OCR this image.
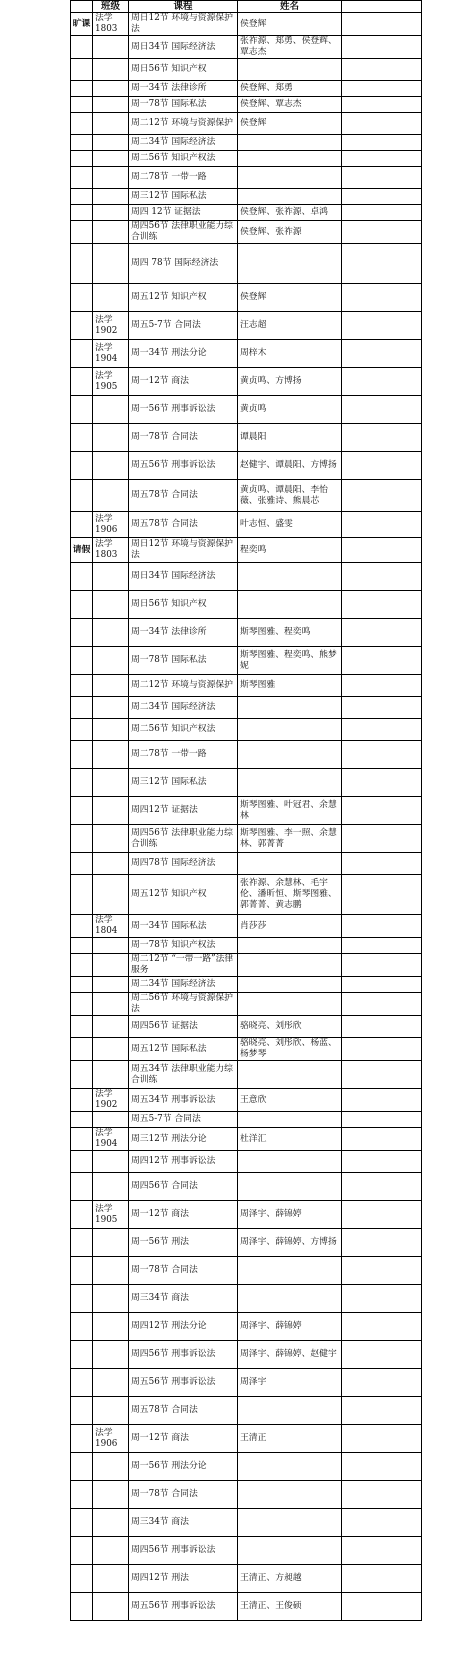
	班级	课程	姓名	
旷课	法学1803	周日12节 环境与资源保护法	侯登辉	
		周日34节 国际经济法	张祚源、郑勇、侯登辉、覃志杰	
		周日56节 知识产权		
		周一34节 法律诊所	侯登辉、郑勇	
		周一78节 国际私法	侯登辉、覃志杰	
		周二12节 环境与资源保护	侯登辉	
		周二34节 国际经济法		
		周二56节 知识产权法		
		周二78节 一带一路		
		周三12节 国际私法		
		周四 12节 证据法	侯登辉、张祚源、卓鸿	
		周四56节 法律职业能力综合训练	侯登辉、张祚源	
		周四 78节 国际经济法		
		周五12节 知识产权	侯登辉	
	法学1902	周五5-7节 合同法	汪志超	
	法学1904	周一34节 刑法分论	周梓木	
	法学1905	周一12节 商法	黄贞鸣、方博扬	
		周一56节 刑事诉讼法	黄贞鸣	
		周一78节 合同法	谭晨阳	
		周五56节 刑事诉讼法	赵健宇、谭晨阳、方博扬	
		周五78节 合同法	黄贞鸣、谭晨阳、李怡薇、张雅诗、熊晨芯	
	法学1906	周五78节 合同法	叶志恒、盛雯	
请假	法学1803	周日12节 环境与资源保护法	程奕鸣	
		周日34节 国际经济法		
		周日56节 知识产权		
		周一34节 法律诊所	斯琴图雅、程奕鸣	
		周一78节 国际私法	斯琴图雅、程奕鸣、熊梦妮	
		周二12节 环境与资源保护	斯琴图雅	
		周二34节 国际经济法		
		周二56节 知识产权法		
		周二78节 一带一路		
		周三12节 国际私法		
		周四12节 证据法	斯琴图雅、叶冠君、余慧林	
		周四56节 法律职业能力综合训练	斯琴图雅、李一照、余慧林、郭菁菁	
		周四78节 国际经济法		
		周五12节 知识产权	张祚源、余慧林、毛宇伦、潘昕恒、斯琴图雅、郭菁菁、黄志鹏	
	法学1804	周一34节 国际私法	肖莎莎	
		周一78节 知识产权法		
		周二12节 “一带一路”法律服务		
		周二34节 国际经济法		
		周二56节 环境与资源保护法		
		周四56节 证据法	骆晓亮、刘彤欣	
		周五12节 国际私法	骆晓亮、刘彤欣、杨蓝、杨梦琴	
		周五34节 法律职业能力综合训练		
	法学1902	周五34节 刑事诉讼法	王意欣	
		周五5-7节 合同法		
	法学1904	周三12节 刑法分论	杜洋汇	
		周四12节 刑事诉讼法		
		周四56节 合同法		
	法学1905	周一12节 商法	周泽宇、薛锦婷	
		周一56节 刑法	周泽宇、薛锦婷、方博扬	
		周一78节 合同法		
		周三34节 商法		
		周四12节 刑法分论	周泽宇、薛锦婷	
		周四56节 刑事诉讼法	周泽宇、薛锦婷、赵健宇	
		周五56节 刑事诉讼法	周泽宇	
		周五78节 合同法		
	法学1906	周一12节 商法	王清正	
		周一56节 刑法分论		
		周一78节 合同法		
		周三34节 商法		
		周四56节 刑事诉讼法		
		周四12节 刑法	王清正、方昶越	
		周五56节 刑事诉讼法	王清正、王俊硕	
